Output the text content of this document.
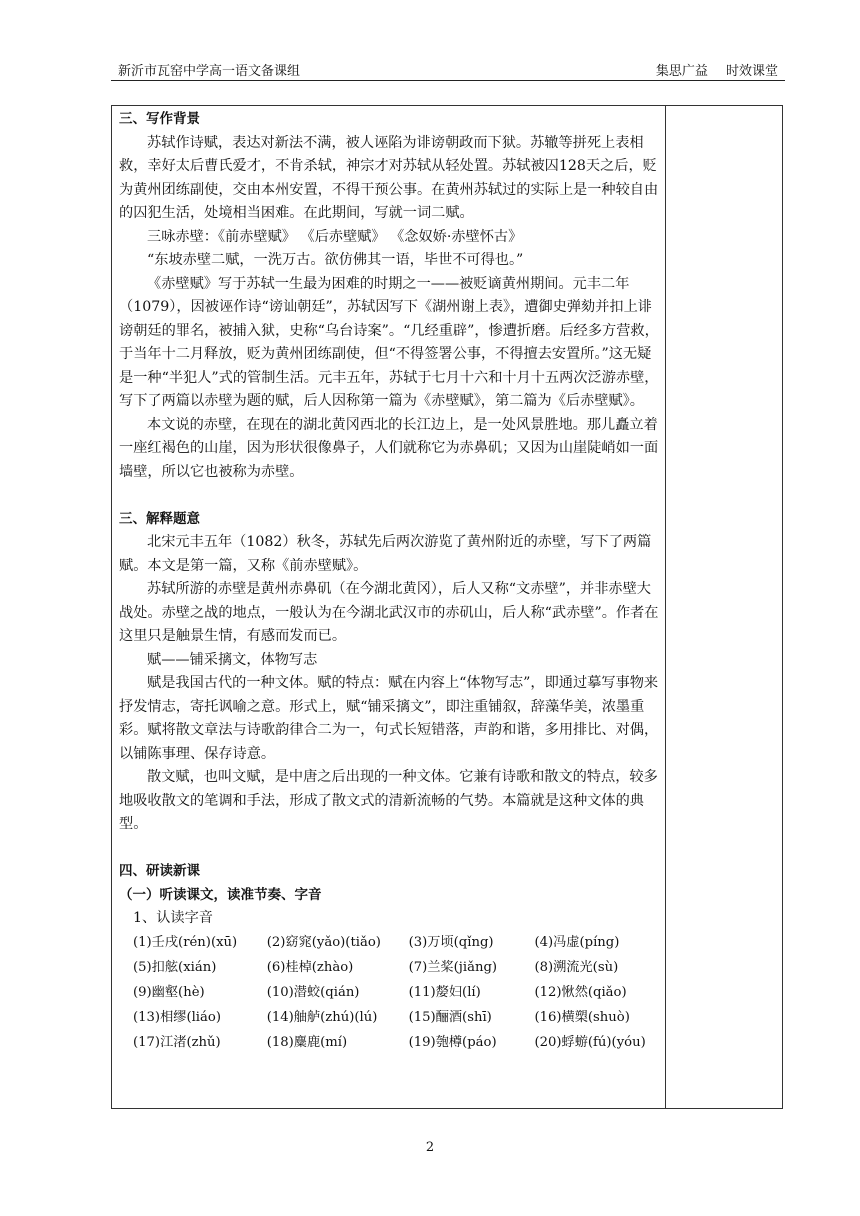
新沂市瓦窑中学高一语文备课组	集思广益 时效课堂

三、写作背景

苏轼作诗赋，表达对新法不满，被人诬陷为诽谤朝政而下狱。苏辙等拼死上表相救，幸好太后曹氏爱才，不肯杀轼，神宗才对苏轼从轻处置。苏轼被囚128天之后，贬为黄州团练副使，交由本州安置，不得干预公事。在黄州苏轼过的实际上是一种较自由的囚犯生活，处境相当困难。在此期间，写就一词二赋。

三咏赤壁：《前赤壁赋》 《后赤壁赋》 《念奴娇·赤壁怀古》

“东坡赤壁二赋，一洗万古。欲仿佛其一语，毕世不可得也。”

《赤壁赋》写于苏轼一生最为困难的时期之一——被贬谪黄州期间。元丰二年（1079），因被诬作诗“谤讪朝廷”，苏轼因写下《湖州谢上表》，遭御史弹劾并扣上诽谤朝廷的罪名，被捕入狱，史称“乌台诗案”。“几经重辟”，惨遭折磨。后经多方营救，于当年十二月释放，贬为黄州团练副使，但“不得签署公事，不得擅去安置所。”这无疑是一种“半犯人”式的管制生活。元丰五年，苏轼于七月十六和十月十五两次泛游赤壁，写下了两篇以赤壁为题的赋，后人因称第一篇为《赤壁赋》，第二篇为《后赤壁赋》。

本文说的赤壁，在现在的湖北黄冈西北的长江边上，是一处风景胜地。那儿矗立着一座红褐色的山崖，因为形状很像鼻子，人们就称它为赤鼻矶；又因为山崖陡峭如一面墙壁，所以它也被称为赤壁。

三、解释题意

北宋元丰五年（1082）秋冬，苏轼先后两次游览了黄州附近的赤壁，写下了两篇赋。本文是第一篇，又称《前赤壁赋》。

苏轼所游的赤壁是黄州赤鼻矶（在今湖北黄冈），后人又称“文赤壁”，并非赤壁大战处。赤壁之战的地点，一般认为在今湖北武汉市的赤矶山，后人称“武赤壁”。作者在这里只是触景生情，有感而发而已。

赋——铺采摛文，体物写志

赋是我国古代的一种文体。赋的特点：赋在内容上“体物写志”，即通过摹写事物来抒发情志，寄托讽喻之意。形式上，赋“铺采摛文”，即注重铺叙，辞藻华美，浓墨重彩。赋将散文章法与诗歌韵律合二为一，句式长短错落，声韵和谐，多用排比、对偶，以铺陈事理、保存诗意。

散文赋，也叫文赋，是中唐之后出现的一种文体。它兼有诗歌和散文的特点，较多地吸收散文的笔调和手法，形成了散文式的清新流畅的气势。本篇就是这种文体的典型。

四、研读新课

（一）听读课文，读准节奏、字音

1、认读字音

(1)壬戌(rén)(xū)	(2)窈窕(yǎo)(tiǎo)	(3)万顷(qǐng)	(4)冯虚(píng)
(5)扣舷(xián)	(6)桂棹(zhào)	(7)兰桨(jiǎng)	(8)溯流光(sù)
(9)幽壑(hè)	(10)潜蛟(qián)	(11)嫠妇(lí)	(12)愀然(qiǎo)
(13)相缪(liáo)	(14)舳舻(zhú)(lú)	(15)酾酒(shī)	(16)横槊(shuò)
(17)江渚(zhǔ)	(18)麋鹿(mí)	(19)匏樽(páo)	(20)蜉蝣(fú)(yóu)
2
